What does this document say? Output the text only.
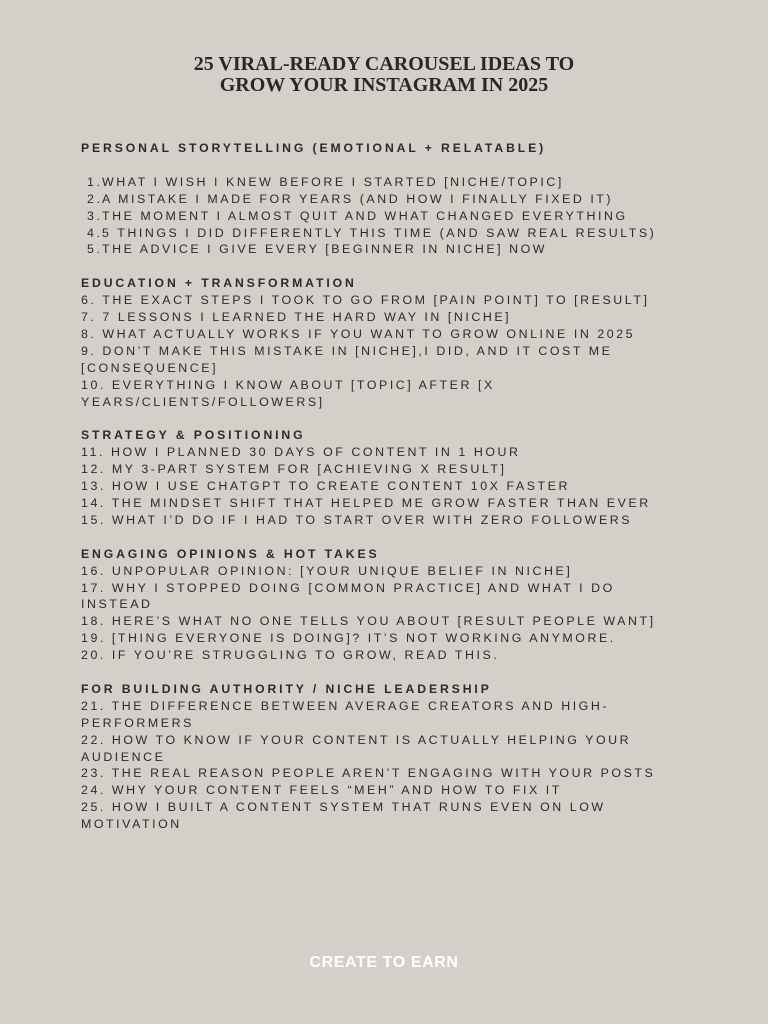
25 VIRAL-READY CAROUSEL IDEAS TO
GROW YOUR INSTAGRAM IN 2025

PERSONAL STORYTELLING (EMOTIONAL + RELATABLE)

1. WHAT I WISH I KNEW BEFORE I STARTED [NICHE/TOPIC]
2. A MISTAKE I MADE FOR YEARS (AND HOW I FINALLY FIXED IT)
3. THE MOMENT I ALMOST QUIT AND WHAT CHANGED EVERYTHING
4. 5 THINGS I DID DIFFERENTLY THIS TIME (AND SAW REAL RESULTS)
5. THE ADVICE I GIVE EVERY [BEGINNER IN NICHE] NOW

EDUCATION + TRANSFORMATION

6. THE EXACT STEPS I TOOK TO GO FROM [PAIN POINT] TO [RESULT]

7. 7 LESSONS I LEARNED THE HARD WAY IN [NICHE]

8. WHAT ACTUALLY WORKS IF YOU WANT TO GROW ONLINE IN 2025

9. DON’T MAKE THIS MISTAKE IN [NICHE],I DID, AND IT COST ME [CONSEQUENCE]

10. EVERYTHING I KNOW ABOUT [TOPIC] AFTER [X YEARS/CLIENTS/FOLLOWERS]

STRATEGY & POSITIONING

11. HOW I PLANNED 30 DAYS OF CONTENT IN 1 HOUR

12. MY 3-PART SYSTEM FOR [ACHIEVING X RESULT]

13. HOW I USE CHATGPT TO CREATE CONTENT 10X FASTER

14. THE MINDSET SHIFT THAT HELPED ME GROW FASTER THAN EVER

15. WHAT I’D DO IF I HAD TO START OVER WITH ZERO FOLLOWERS

ENGAGING OPINIONS & HOT TAKES

16. UNPOPULAR OPINION: [YOUR UNIQUE BELIEF IN NICHE]

17. WHY I STOPPED DOING [COMMON PRACTICE] AND WHAT I DO INSTEAD

18. HERE’S WHAT NO ONE TELLS YOU ABOUT [RESULT PEOPLE WANT]

19. [THING EVERYONE IS DOING]? IT’S NOT WORKING ANYMORE.

20. IF YOU’RE STRUGGLING TO GROW, READ THIS.

FOR BUILDING AUTHORITY / NICHE LEADERSHIP

21. THE DIFFERENCE BETWEEN AVERAGE CREATORS AND HIGH-PERFORMERS

22. HOW TO KNOW IF YOUR CONTENT IS ACTUALLY HELPING YOUR AUDIENCE

23. THE REAL REASON PEOPLE AREN’T ENGAGING WITH YOUR POSTS

24. WHY YOUR CONTENT FEELS “MEH” AND HOW TO FIX IT

25. HOW I BUILT A CONTENT SYSTEM THAT RUNS EVEN ON LOW MOTIVATION

CREATE TO EARN
